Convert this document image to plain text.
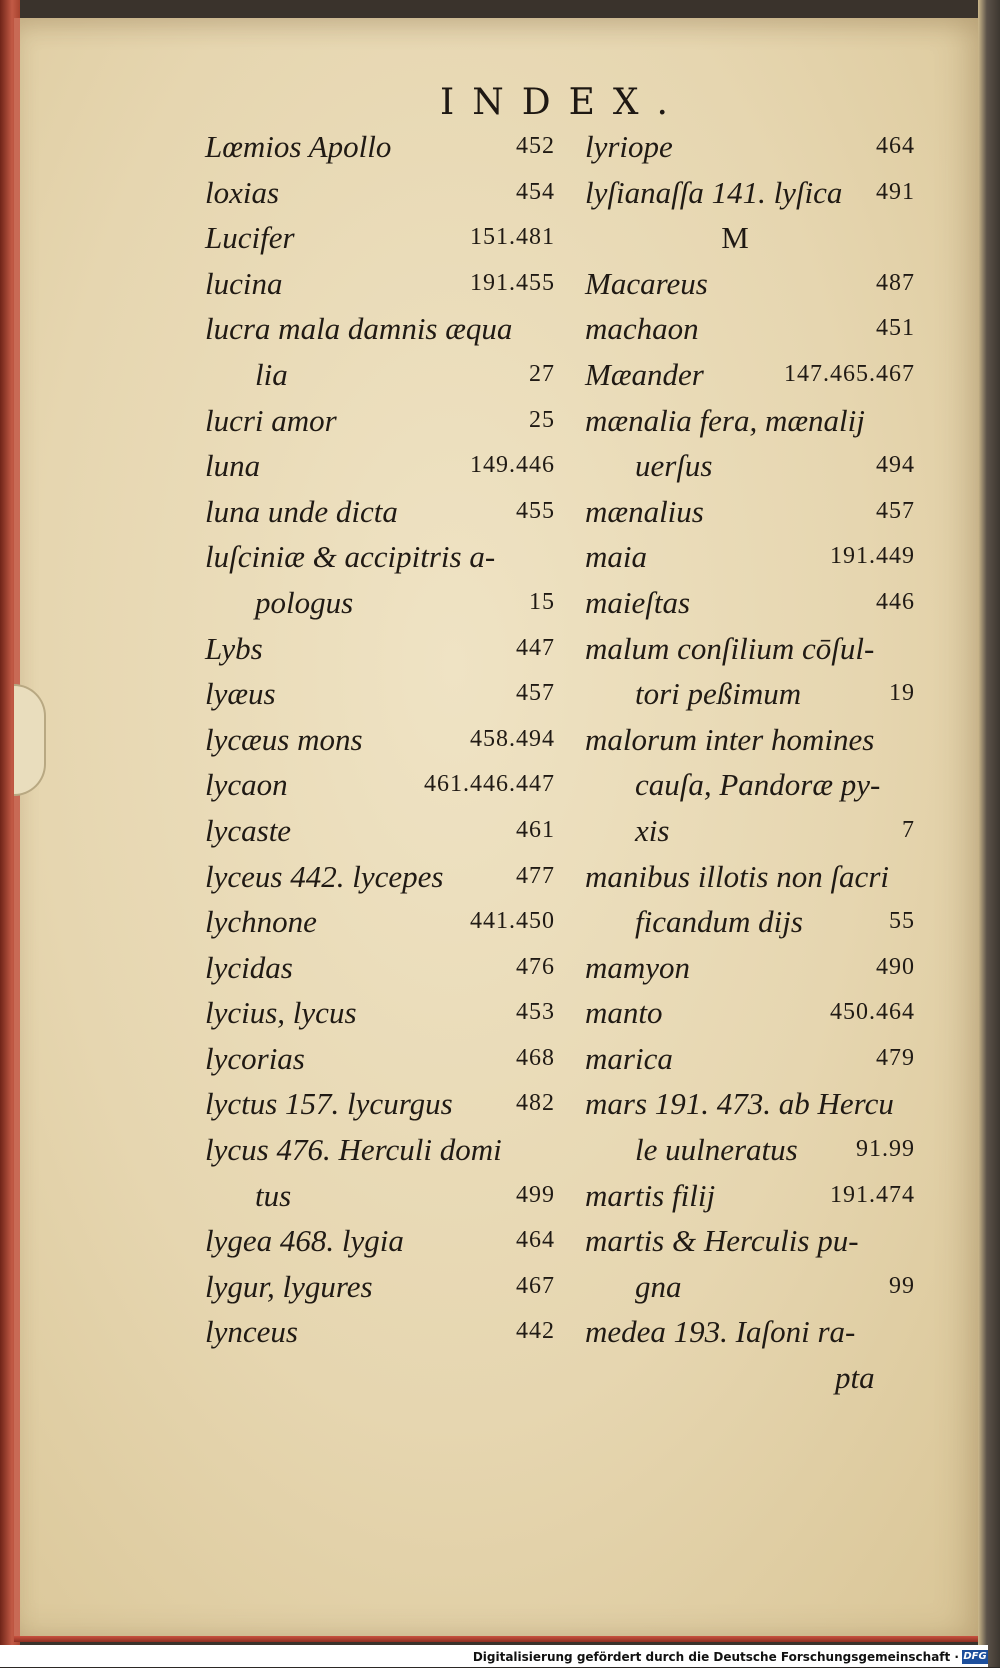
INDEX.
Lœmios Apollo	452
loxias	454
Lucifer	151.481
lucina	191.455
lucra mala damnis æqua
lia	27
lucri amor	25
luna	149.446
luna unde dicta	455
luſciniæ & accipitris a-
pologus	15
Lybs	447
lyæus	457
lycæus mons	458.494
lycaon	461.446.447
lycaste	461
lyceus 442. lycepes	477
lychnone	441.450
lycidas	476
lycius, lycus	453
lycorias	468
lyctus 157. lycurgus	482
lycus 476. Herculi domi
tus	499
lygea 468. lygia	464
lygur, lygures	467
lynceus	442
lyriope	464
lyſianaſſa 141. lyſica 491
M
Macareus	487
machaon	451
Mæander	147.465.467
mænalia fera, mænalij
uerſus	494
mænalius	457
maia	191.449
maieſtas	446
malum conſilium cōſul-
tori peßimum	19
malorum inter homines
cauſa, Pandoræ py-
xis	7
manibus illotis non ſacri
ficandum dijs	55
mamyon	490
manto	450.464
marica	479
mars 191. 473. ab Hercu
le uulneratus 91.99
martis filij	191.474
martis & Herculis pu-
gna	99
medea 193. Iaſoni ra-
pta
Digitalisierung gefördert durch die Deutsche Forschungsgemeinschaft · DFG
